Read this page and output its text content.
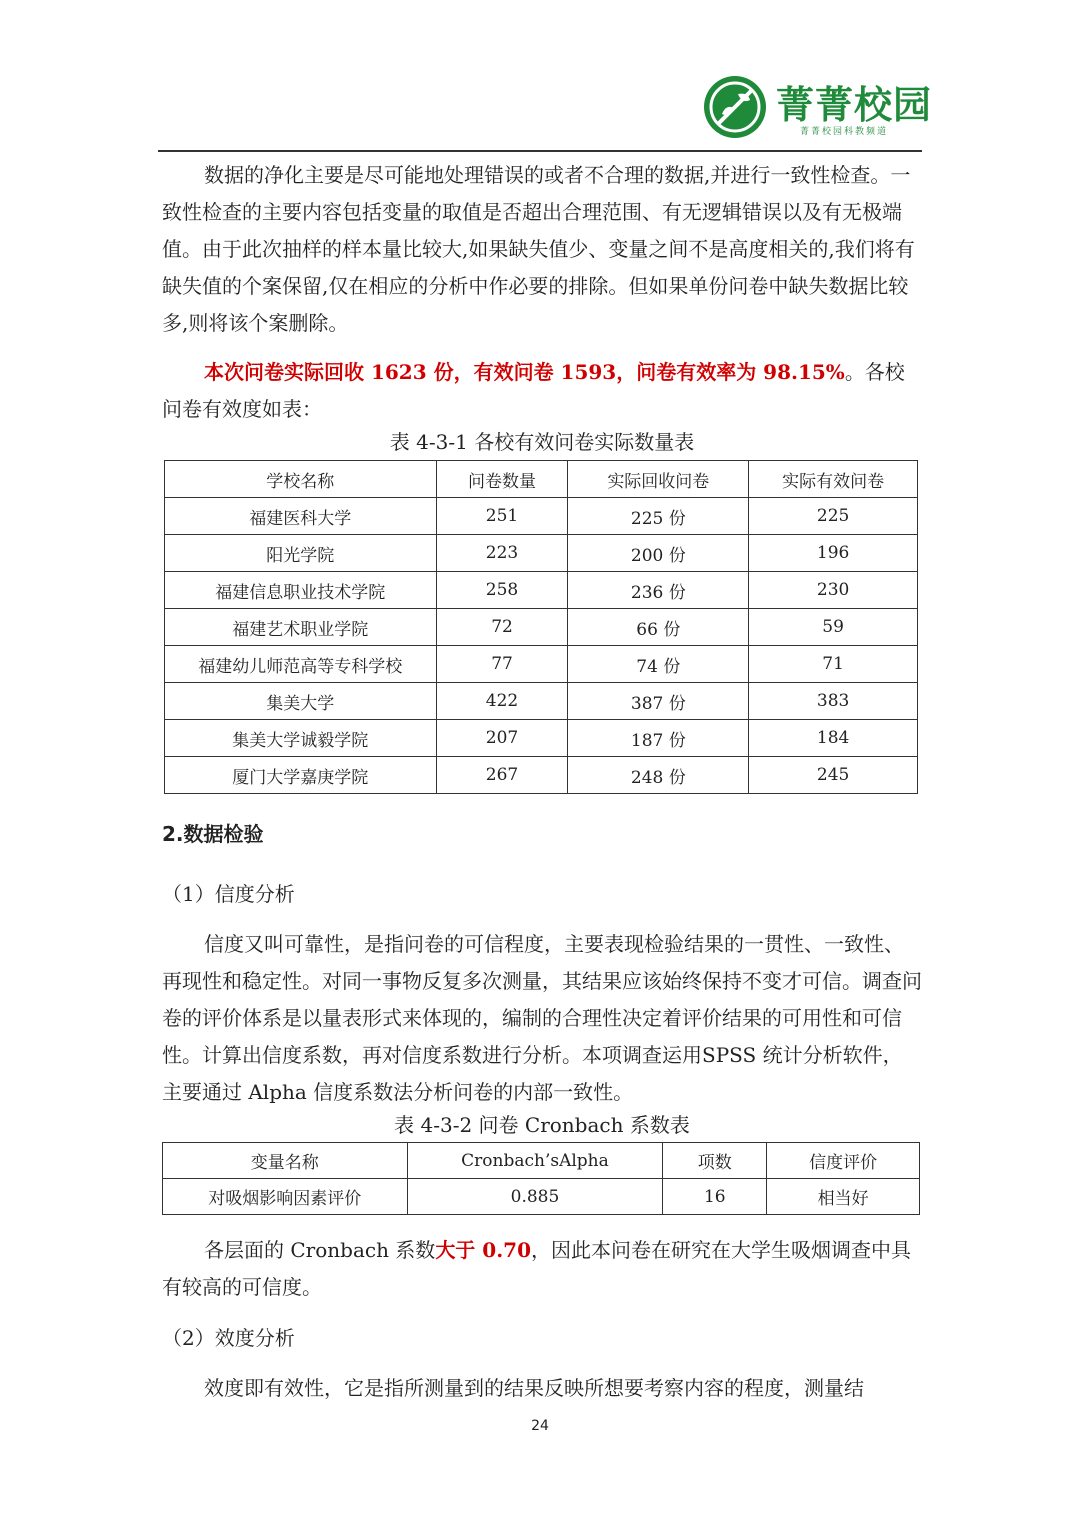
菁菁校园
菁菁校园科教频道

数据的净化主要是尽可能地处理错误的或者不合理的数据,并进行一致性检查。一致性检查的主要内容包括变量的取值是否超出合理范围、有无逻辑错误以及有无极端值。由于此次抽样的样本量比较大,如果缺失值少、变量之间不是高度相关的,我们将有缺失值的个案保留,仅在相应的分析中作必要的排除。但如果单份问卷中缺失数据比较多,则将该个案删除。

本次问卷实际回收 1623 份，有效问卷 1593，问卷有效率为 98.15%。各校问卷有效度如表：

表 4-3-1 各校有效问卷实际数量表

学校名称	问卷数量	实际回收问卷	实际有效问卷
福建医科大学	251	225 份	225
阳光学院	223	200 份	196
福建信息职业技术学院	258	236 份	230
福建艺术职业学院	72	66 份	59
福建幼儿师范高等专科学校	77	74 份	71
集美大学	422	387 份	383
集美大学诚毅学院	207	187 份	184
厦门大学嘉庚学院	267	248 份	245

2.数据检验

（1）信度分析

信度又叫可靠性，是指问卷的可信程度，主要表现检验结果的一贯性、一致性、再现性和稳定性。对同一事物反复多次测量，其结果应该始终保持不变才可信。调查问卷的评价体系是以量表形式来体现的，编制的合理性决定着评价结果的可用性和可信性。计算出信度系数，再对信度系数进行分析。本项调查运用SPSS 统计分析软件，主要通过 Alpha 信度系数法分析问卷的内部一致性。

表 4-3-2 问卷 Cronbach 系数表

变量名称	Cronbach’sAlpha	项数	信度评价
对吸烟影响因素评价	0.885	16	相当好

各层面的 Cronbach 系数大于 0.70，因此本问卷在研究在大学生吸烟调查中具有较高的可信度。

（2）效度分析

效度即有效性，它是指所测量到的结果反映所想要考察内容的程度，测量结

24
